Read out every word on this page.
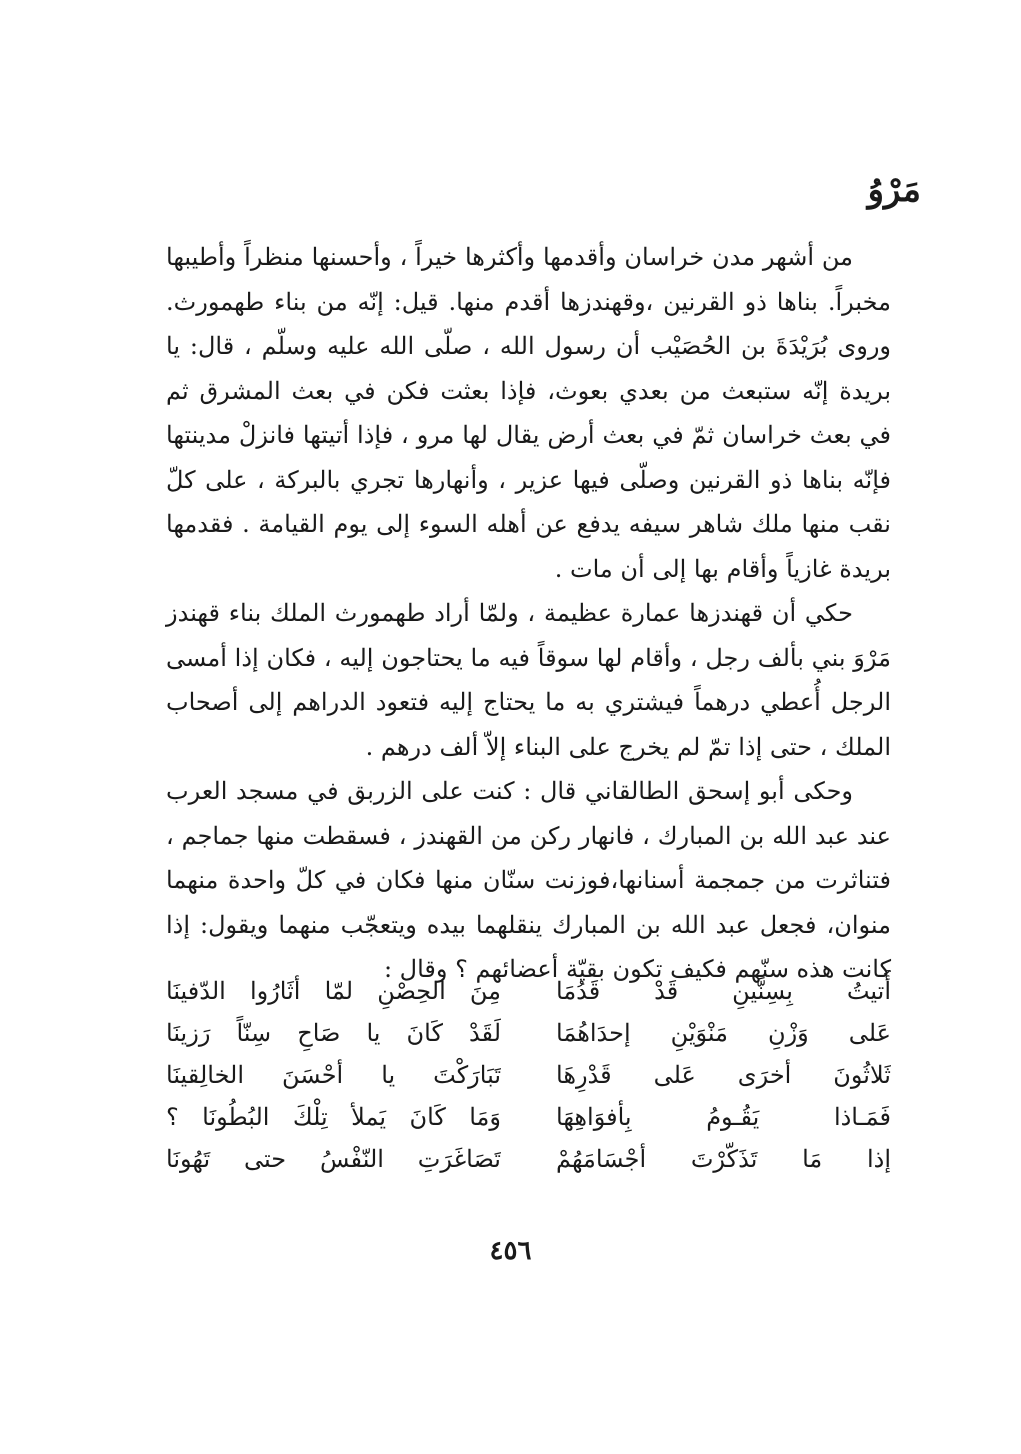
مَرْوُ

من أشهر مدن خراسان وأقدمها وأكثرها خيراً ، وأحسنها منظراً وأطيبها مخبراً. بناها ذو القرنين ،وقهندزها أقدم منها. قيل: إنّه من بناء طهمورث. وروى بُرَيْدَةَ بن الحُصَيْب أن رسول الله ، صلّى الله عليه وسلّم ، قال: يا بريدة إنّه ستبعث من بعدي بعوث، فإذا بعثت فكن في بعث المشرق ثم في بعث خراسان ثمّ في بعث أرض يقال لها مرو ، فإذا أتيتها فانزلْ مدينتها فإنّه بناها ذو القرنين وصلّى فيها عزير ، وأنهارها تجري بالبركة ، على كلّ نقب منها ملك شاهر سيفه يدفع عن أهله السوء إلى يوم القيامة . فقدمها بريدة غازياً وأقام بها إلى أن مات .

حكي أن قهندزها عمارة عظيمة ، ولمّا أراد طهمورث الملك بناء قهندز مَرْوَ بني بألف رجل ، وأقام لها سوقاً فيه ما يحتاجون إليه ، فكان إذا أمسى الرجل أُعطي درهماً فيشتري به ما يحتاج إليه فتعود الدراهم إلى أصحاب الملك ، حتى إذا تمّ لم يخرج على البناء إلاّ ألف درهم .

وحكى أبو إسحق الطالقاني قال : كنت على الزربق في مسجد العرب عند عبد الله بن المبارك ، فانهار ركن من القهندز ، فسقطت منها جماجم ، فتناثرت من جمجمة أسنانها،فوزنت سنّان منها فكان في كلّ واحدة منهما منوان، فجعل عبد الله بن المبارك ينقلهما بيده ويتعجّب منهما ويقول: إذا كانت هذه سنّهم فكيف تكون بقيّة أعضائهم ؟ وقال :

أُتيتُ بِسِنَّينِ قَدْ قَدُمَا
مِنَ الحِصْنِ لمّا أثَارُوا الدّفينَا
عَلى وَزْنِ مَنْوَيْنِ إحدَاهُمَا
لَقَدْ كَانَ يا صَاحِ سِنّاً رَزينَا
ثَلاثُونَ أخرَى عَلى قَدْرِهَا
تَبَارَكْتَ يا أحْسَنَ الخالِقينَا
فَمَـاذا يَقُـومُ بِأفوَاهِهَا
وَمَا كَانَ يَملأ تِلْكَ البُطُونَا ؟
إذا مَا تَذَكّرْتَ أجْسَامَهُمْ
تَصَاغَرَتِ النّفْسُ حتى تَهُونَا
٤٥٦
